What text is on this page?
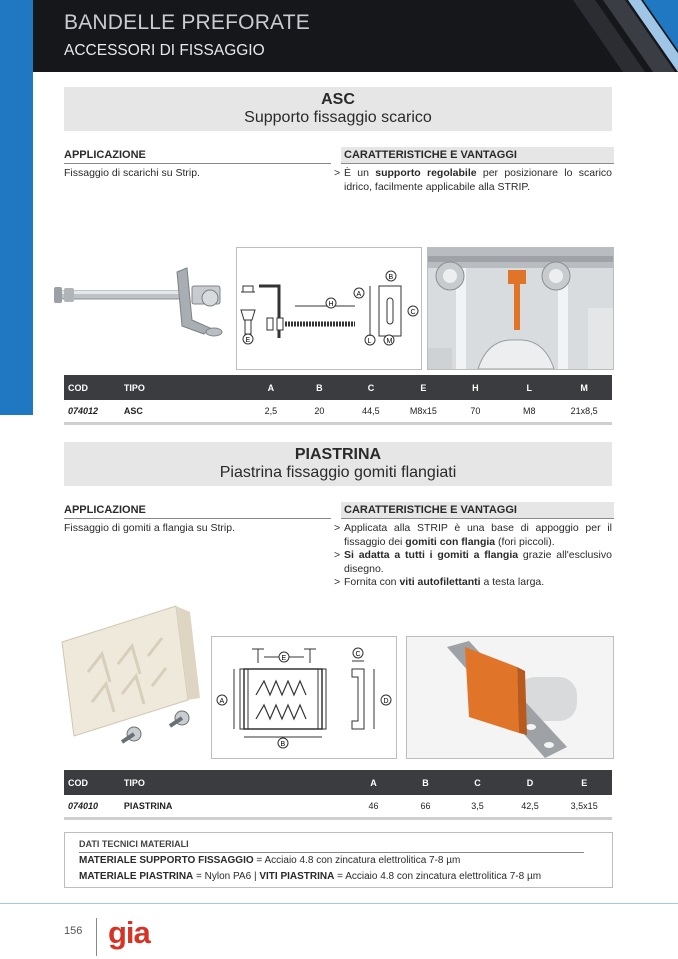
BANDELLE PREFORATE
ACCESSORI DI FISSAGGIO
ASC
Supporto fissaggio scarico
APPLICAZIONE	CARATTERISTICHE E VANTAGGI
Fissaggio di scarichi su Strip.	> È un supporto regolabile per posizionare lo scarico idrico, facilmente applicabile alla STRIP.
E
H
A
B
C
L M
COD	TIPO	A	B	C	E	H	L	M
074012	ASC	2,5	20	44,5	M8x15	70	M8	21x8,5
PIASTRINA
Piastrina fissaggio gomiti flangiati
APPLICAZIONE	CARATTERISTICHE E VANTAGGI
Fissaggio di gomiti a flangia su Strip.	> Applicata alla STRIP è una base di appoggio per il fissaggio dei gomiti con flangia (fori piccoli).
> Si adatta a tutti i gomiti a flangia grazie all'esclusivo disegno.
> Fornita con viti autofilettanti a testa larga.
E
A
B
C
D
COD	TIPO	A	B	C	D	E
074010	PIASTRINA	46	66	3,5	42,5	3,5x15
DATI TECNICI MATERIALI
MATERIALE SUPPORTO FISSAGGIO = Acciaio 4.8 con zincatura elettrolitica 7-8 µm
MATERIALE PIASTRINA = Nylon PA6 | VITI PIASTRINA = Acciaio 4.8 con zincatura elettrolitica 7-8 µm
156 gia
